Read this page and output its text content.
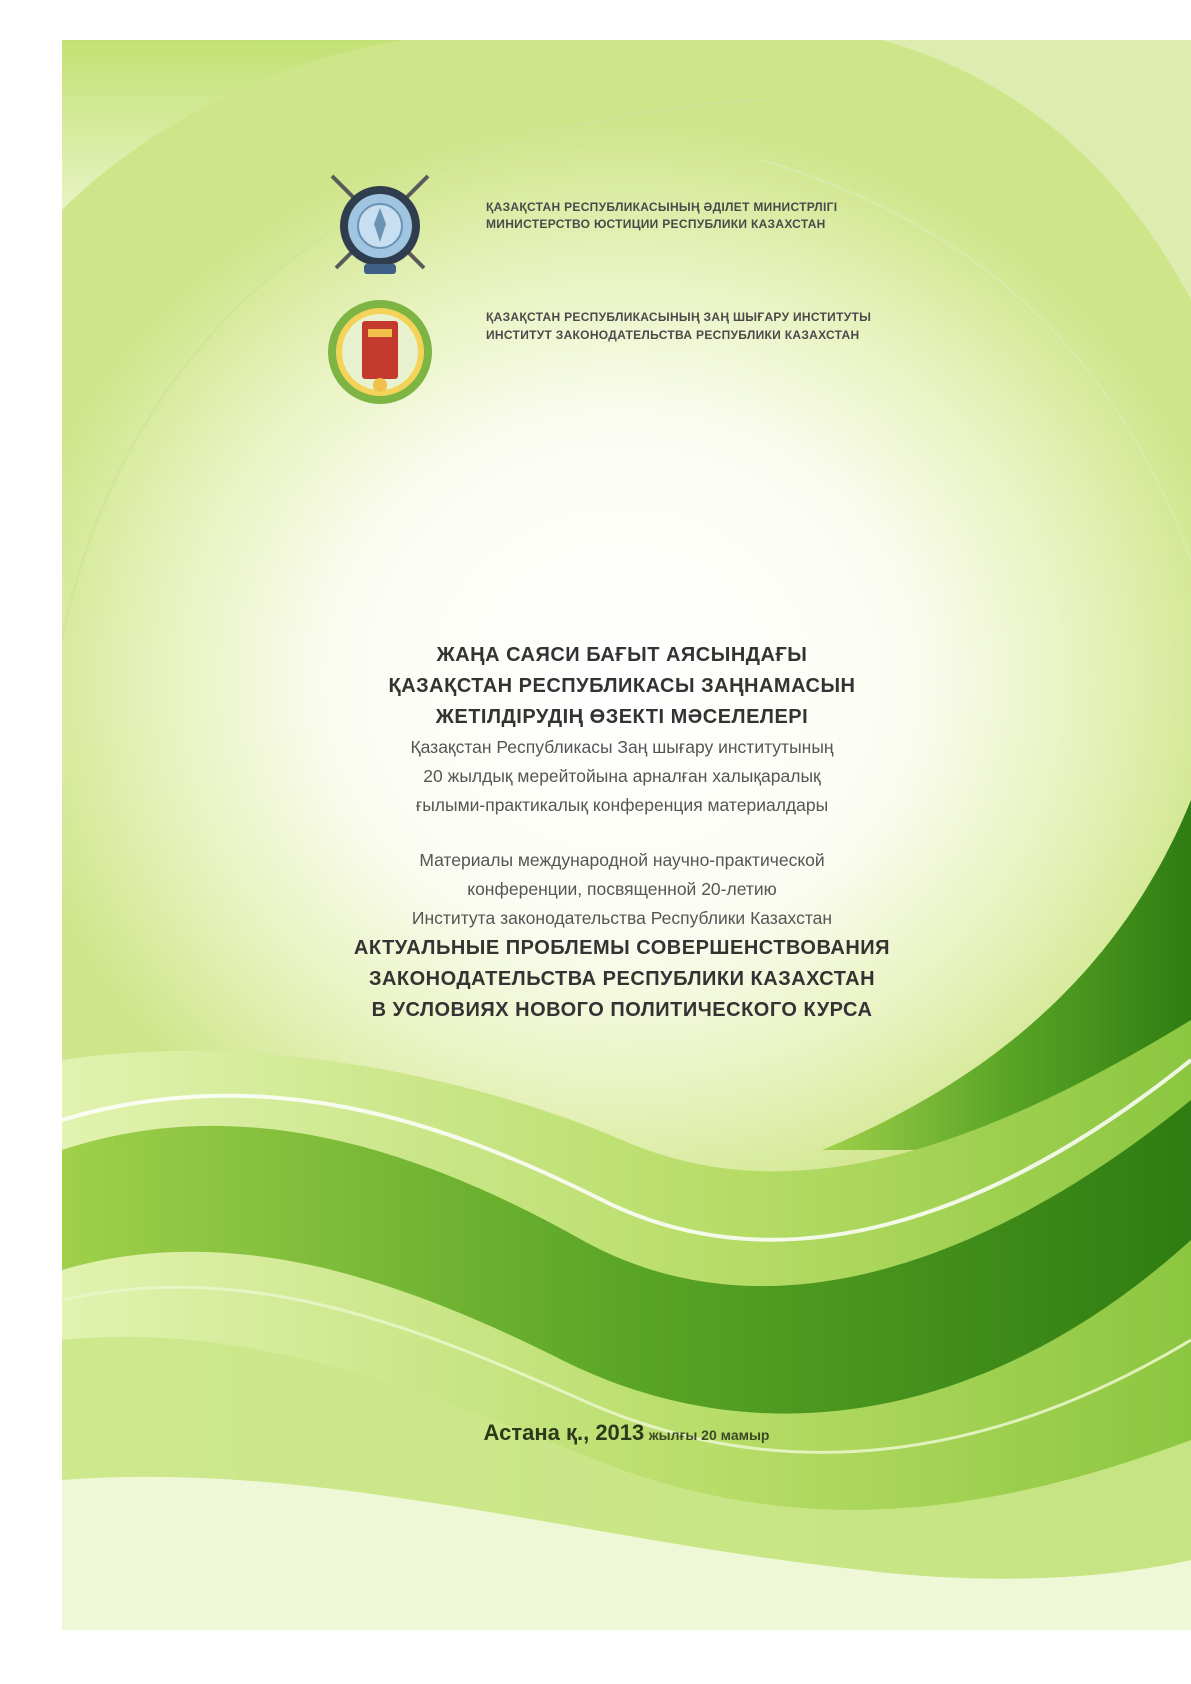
ҚАЗАҚСТАН РЕСПУБЛИКАСЫНЫҢ ӘДІЛЕТ МИНИСТРЛІГІ
МИНИСТЕРСТВО ЮСТИЦИИ РЕСПУБЛИКИ КАЗАХСТАН
ҚАЗАҚСТАН РЕСПУБЛИКАСЫНЫҢ ЗАҢ ШЫҒАРУ ИНСТИТУТЫ
ИНСТИТУТ ЗАКОНОДАТЕЛЬСТВА РЕСПУБЛИКИ КАЗАХСТАН
ЖАҢА САЯСИ БАҒЫТ АЯСЫНДАҒЫ
ҚАЗАҚСТАН РЕСПУБЛИКАСЫ ЗАҢНАМАСЫН
ЖЕТІЛДІРУДІҢ ӨЗЕКТІ МӘСЕЛЕЛЕРІ
Қазақстан Республикасы Заң шығару институтының
20 жылдық мерейтойына арналған халықаралық
ғылыми-практикалық конференция материалдары
Материалы международной научно-практической
конференции, посвященной 20-летию
Института законодательства Республики Казахстан
АКТУАЛЬНЫЕ ПРОБЛЕМЫ СОВЕРШЕНСТВОВАНИЯ
ЗАКОНОДАТЕЛЬСТВА РЕСПУБЛИКИ КАЗАХСТАН
В УСЛОВИЯХ НОВОГО ПОЛИТИЧЕСКОГО КУРСА
Астана қ., 2013 жылғы 20 мамыр
